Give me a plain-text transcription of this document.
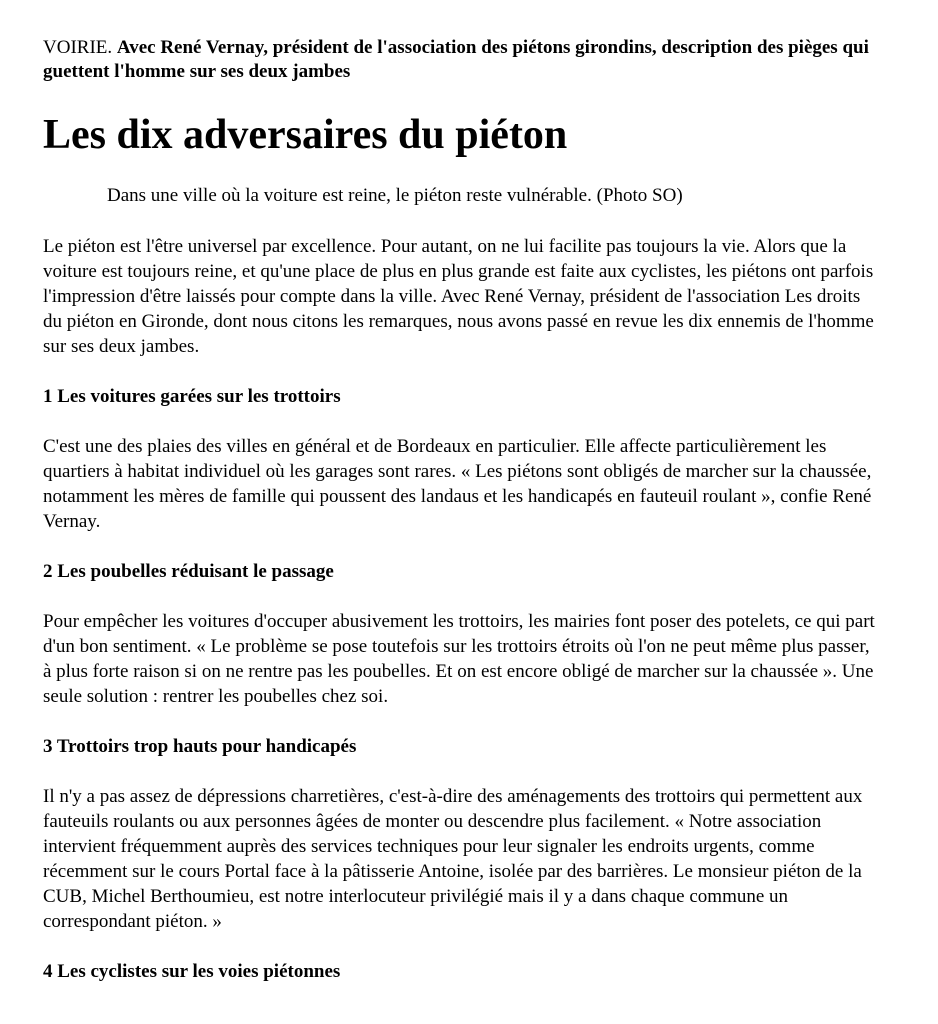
VOIRIE. Avec René Vernay, président de l'association des piétons girondins, description des pièges qui guettent l'homme sur ses deux jambes

Les dix adversaires du piéton

Dans une ville où la voiture est reine, le piéton reste vulnérable. (Photo SO)

Le piéton est l'être universel par excellence. Pour autant, on ne lui facilite pas toujours la vie. Alors que la voiture est toujours reine, et qu'une place de plus en plus grande est faite aux cyclistes, les piétons ont parfois l'impression d'être laissés pour compte dans la ville. Avec René Vernay, président de l'association Les droits du piéton en Gironde, dont nous citons les remarques, nous avons passé en revue les dix ennemis de l'homme sur ses deux jambes.

1 Les voitures garées sur les trottoirs

C'est une des plaies des villes en général et de Bordeaux en particulier. Elle affecte particulièrement les quartiers à habitat individuel où les garages sont rares. « Les piétons sont obligés de marcher sur la chaussée, notamment les mères de famille qui poussent des landaus et les handicapés en fauteuil roulant », confie René Vernay.

2 Les poubelles réduisant le passage

Pour empêcher les voitures d'occuper abusivement les trottoirs, les mairies font poser des potelets, ce qui part d'un bon sentiment. « Le problème se pose toutefois sur les trottoirs étroits où l'on ne peut même plus passer, à plus forte raison si on ne rentre pas les poubelles. Et on est encore obligé de marcher sur la chaussée ». Une seule solution : rentrer les poubelles chez soi.

3 Trottoirs trop hauts pour handicapés

Il n'y a pas assez de dépressions charretières, c'est-à-dire des aménagements des trottoirs qui permettent aux fauteuils roulants ou aux personnes âgées de monter ou descendre plus facilement. « Notre association intervient fréquemment auprès des services techniques pour leur signaler les endroits urgents, comme récemment sur le cours Portal face à la pâtisserie Antoine, isolée par des barrières. Le monsieur piéton de la CUB, Michel Berthoumieu, est notre interlocuteur privilégié mais il y a dans chaque commune un correspondant piéton. »

4 Les cyclistes sur les voies piétonnes
